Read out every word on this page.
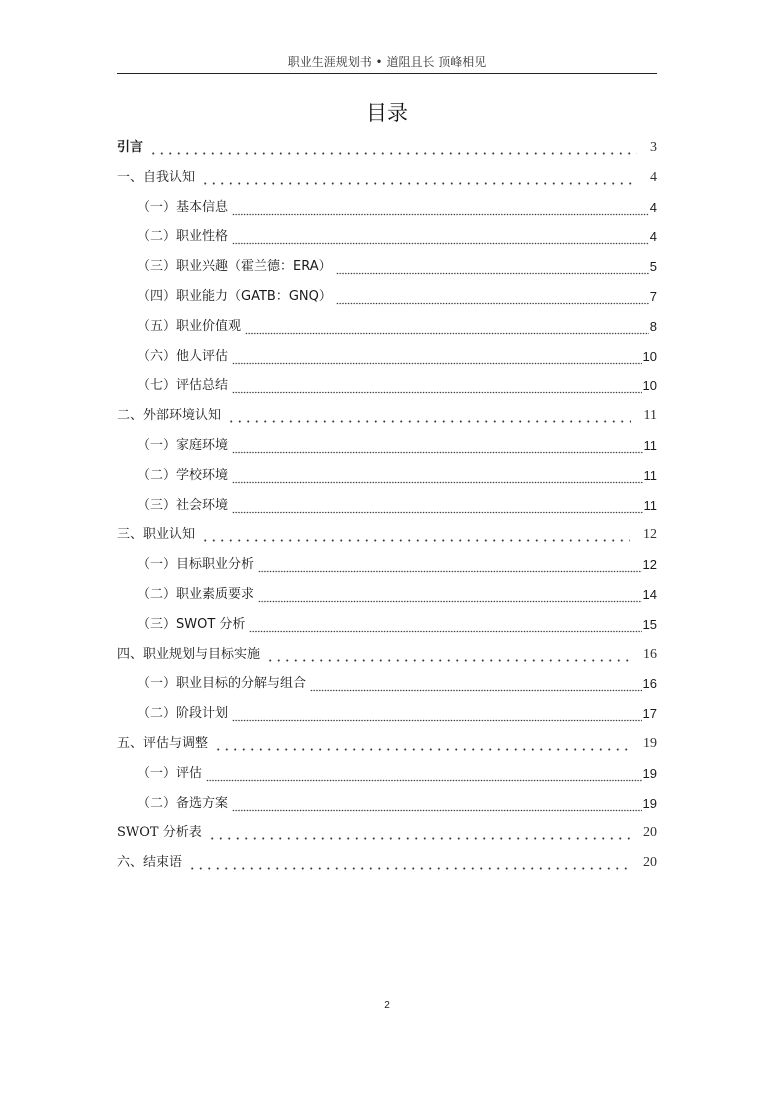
职业生涯规划书 • 道阻且长 顶峰相见
目录
引言	3
一、自我认知	4
（一）基本信息	4
（二）职业性格	4
（三）职业兴趣（霍兰德：ERA）	5
（四）职业能力（GATB：GNQ）	7
（五）职业价值观	8
（六）他人评估	10
（七）评估总结	10
二、外部环境认知	11
（一）家庭环境	11
（二）学校环境	11
（三）社会环境	11
三、职业认知	12
（一）目标职业分析	12
（二）职业素质要求	14
（三）SWOT 分析	15
四、职业规划与目标实施	16
（一）职业目标的分解与组合	16
（二）阶段计划	17
五、评估与调整	19
（一）评估	19
（二）备选方案	19
SWOT 分析表	20
六、结束语	20
2
